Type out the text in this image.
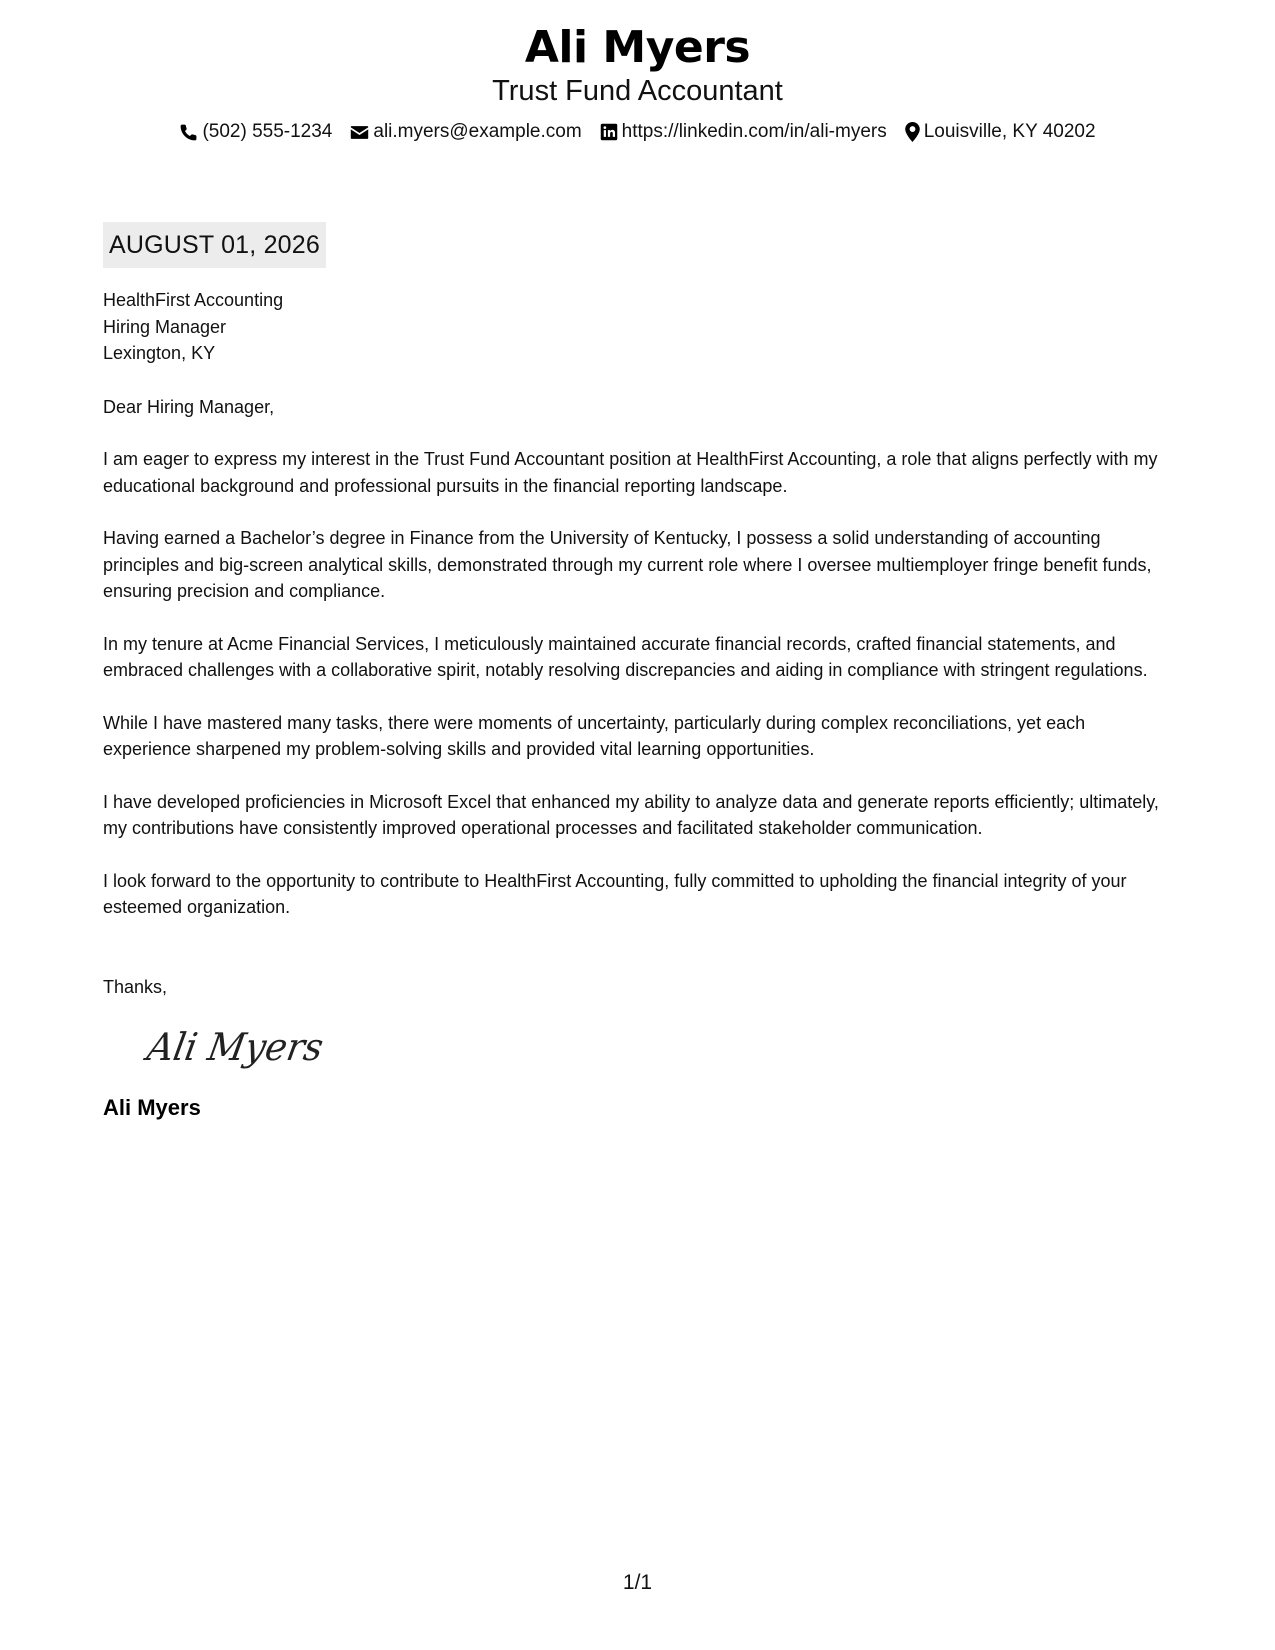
Ali Myers
Trust Fund Accountant
(502) 555-1234 ali.myers@example.com https://linkedin.com/in/ali-myers Louisville, KY 40202
AUGUST 01, 2026
HealthFirst Accounting
Hiring Manager
Lexington, KY
Dear Hiring Manager,
I am eager to express my interest in the Trust Fund Accountant position at HealthFirst Accounting, a role that aligns perfectly with my educational background and professional pursuits in the financial reporting landscape.
Having earned a Bachelor’s degree in Finance from the University of Kentucky, I possess a solid understanding of accounting principles and big-screen analytical skills, demonstrated through my current role where I oversee multiemployer fringe benefit funds, ensuring precision and compliance.
In my tenure at Acme Financial Services, I meticulously maintained accurate financial records, crafted financial statements, and embraced challenges with a collaborative spirit, notably resolving discrepancies and aiding in compliance with stringent regulations.
While I have mastered many tasks, there were moments of uncertainty, particularly during complex reconciliations, yet each experience sharpened my problem-solving skills and provided vital learning opportunities.
I have developed proficiencies in Microsoft Excel that enhanced my ability to analyze data and generate reports efficiently; ultimately, my contributions have consistently improved operational processes and facilitated stakeholder communication.
I look forward to the opportunity to contribute to HealthFirst Accounting, fully committed to upholding the financial integrity of your esteemed organization.
Thanks,
Ali Myers
Ali Myers
1/1
